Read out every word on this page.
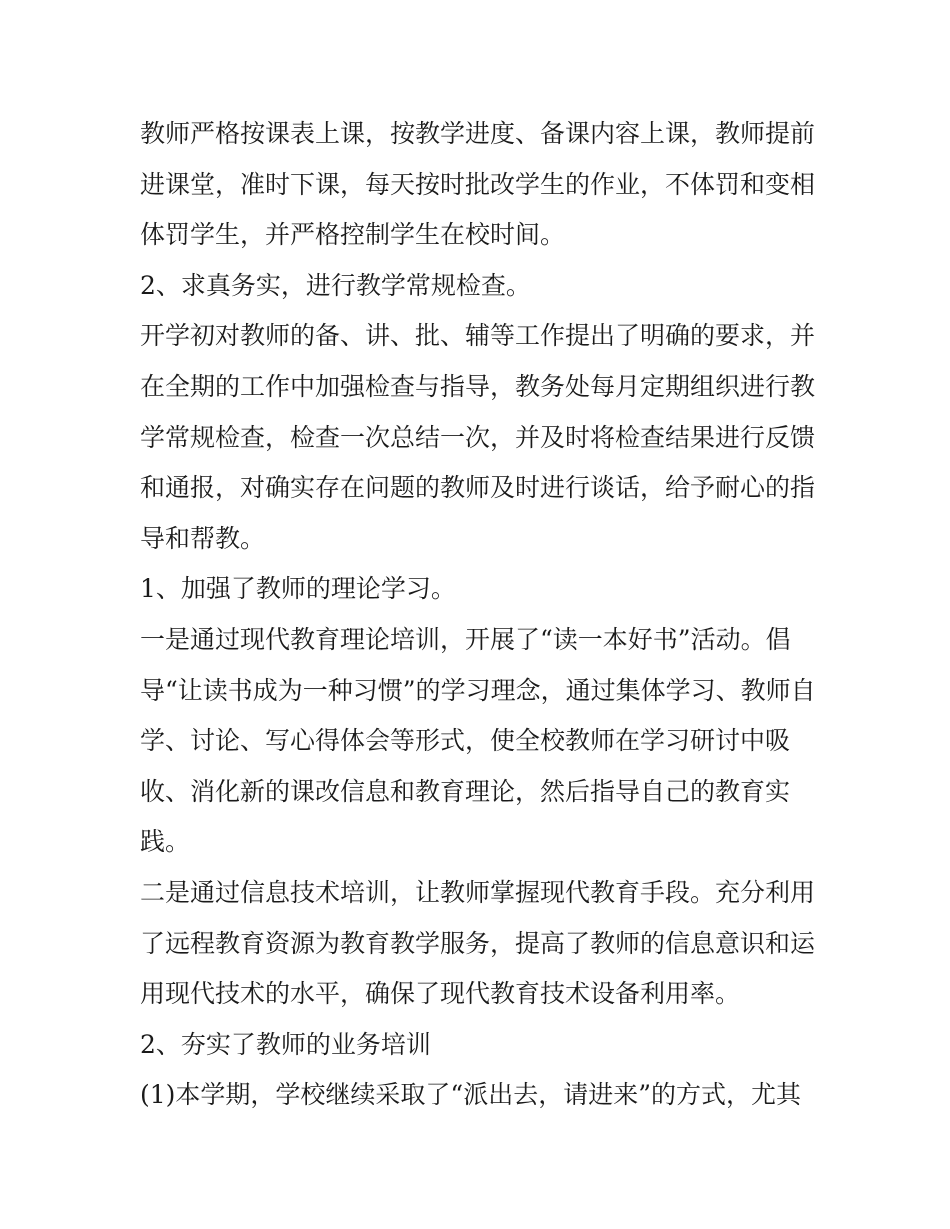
教师严格按课表上课，按教学进度、备课内容上课，教师提前

进课堂，准时下课，每天按时批改学生的作业，不体罚和变相

体罚学生，并严格控制学生在校时间。

2、求真务实，进行教学常规检查。

开学初对教师的备、讲、批、辅等工作提出了明确的要求，并

在全期的工作中加强检查与指导，教务处每月定期组织进行教

学常规检查，检查一次总结一次，并及时将检查结果进行反馈

和通报，对确实存在问题的教师及时进行谈话，给予耐心的指

导和帮教。

1、加强了教师的理论学习。

一是通过现代教育理论培训，开展了“读一本好书”活动。倡

导“让读书成为一种习惯”的学习理念，通过集体学习、教师自

学、讨论、写心得体会等形式，使全校教师在学习研讨中吸

收、消化新的课改信息和教育理论，然后指导自己的教育实

践。

二是通过信息技术培训，让教师掌握现代教育手段。充分利用

了远程教育资源为教育教学服务，提高了教师的信息意识和运

用现代技术的水平，确保了现代教育技术设备利用率。

2、夯实了教师的业务培训

(1)本学期，学校继续采取了“派出去，请进来”的方式，尤其
